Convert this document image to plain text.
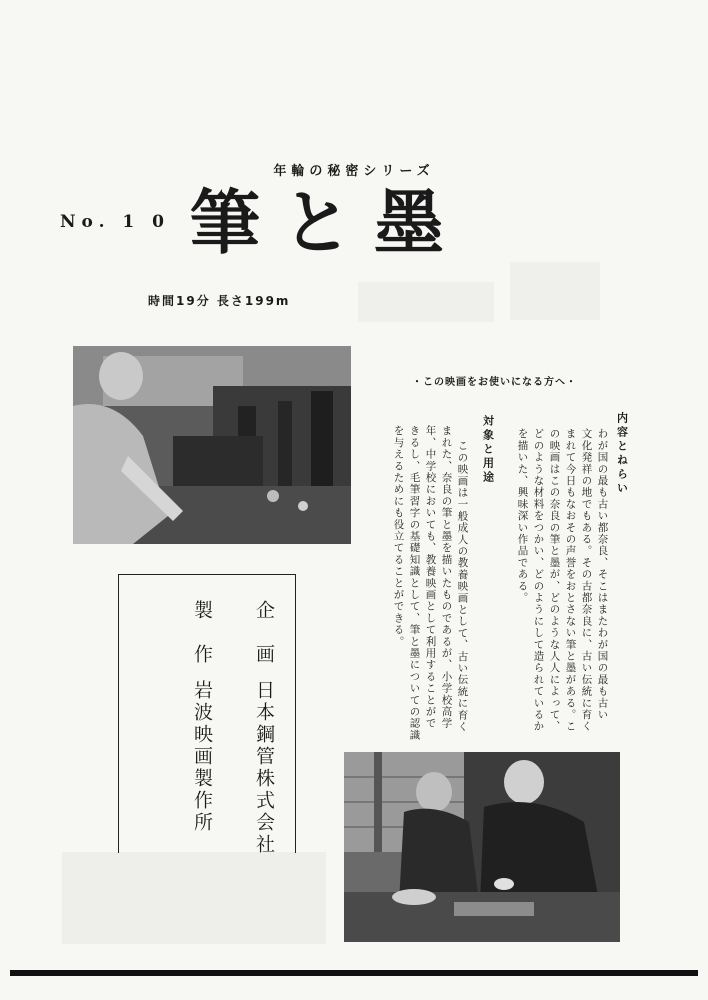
年輪の秘密シリーズ
No. 1 0 筆と墨
時間19分 長さ199m
・この映画をお使いになる方へ・
内容とねらい
わが国の最も古い都奈良、そこはまたわが国の最も古い
文化発祥の地でもある。その古都奈良に、古い伝統に育く
まれて今日もなおその声誉をおとさない筆と墨がある。こ
の映画はこの奈良の筆と墨が、どのような人人によって、
どのような材料をつかい、どのようにして造られているか
を描いた、興味深い作品である。
対象と用途
この映画は一般成人の教養映画として、古い伝統に育く
まれた、奈良の筆と墨を描いたものであるが、小学校高学
年、中学校においても、教養映画として利用することがで
きるし、毛筆習字の基礎知識として、筆と墨についての認識
を与えるためにも役立てることができる。
企　画
製　作
日本鋼管株式会社
岩波映画製作所
